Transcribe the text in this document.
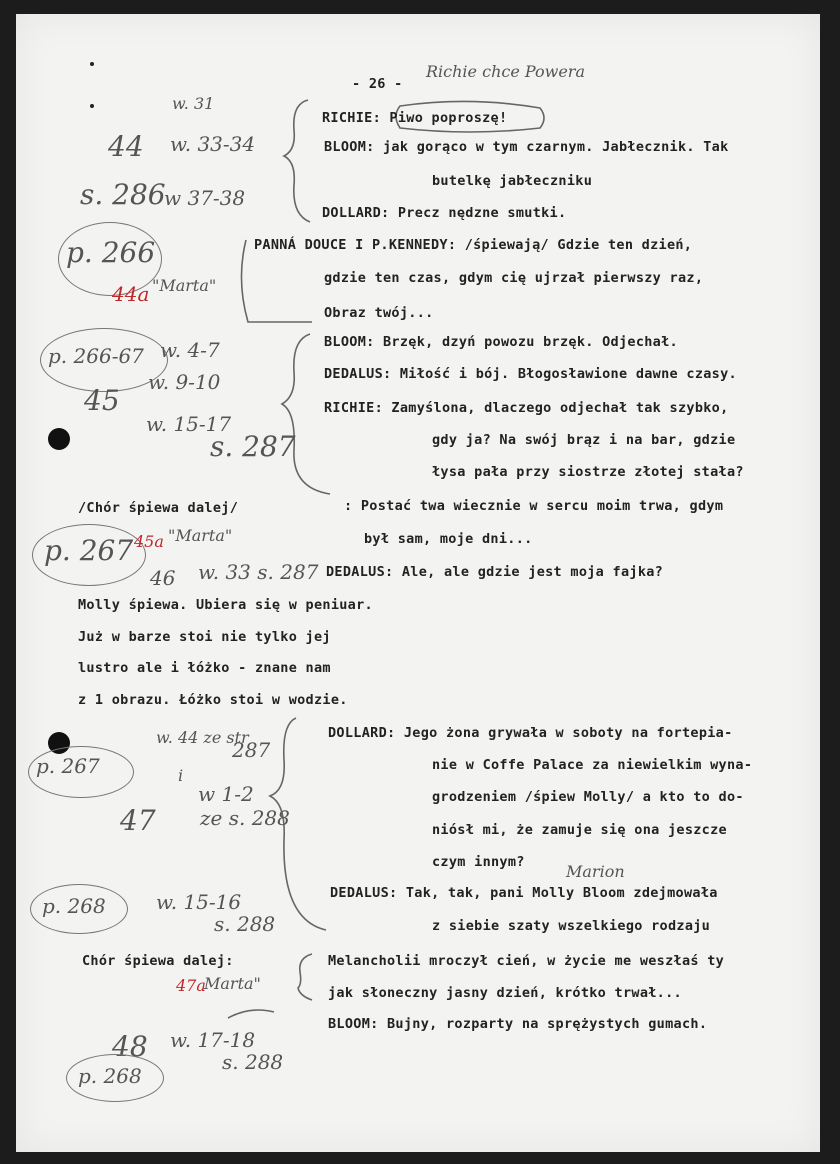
- 26 -
Richie chce Powera
RICHIE: Piwo poproszę!
BLOOM: jak gorąco w tym czarnym. Jabłecznik. Tak
butelkę jabłeczniku
DOLLARD: Precz nędzne smutki.
PANNÁ DOUCE I P.KENNEDY: /śpiewają/ Gdzie ten dzień,
gdzie ten czas, gdym cię ujrzał pierwszy raz,
Obraz twój...
BLOOM: Brzęk, dzyń powozu brzęk. Odjechał.
DEDALUS: Miłość i bój. Błogosławione dawne czasy.
RICHIE: Zamyślona, dlaczego odjechał tak szybko,
gdy ja? Na swój brąz i na bar, gdzie
łysa pała przy siostrze złotej stała?
/Chór śpiewa dalej/	: Postać twa wiecznie w sercu moim trwa, gdym
był sam, moje dni...
DEDALUS: Ale, ale gdzie jest moja fajka?
Molly śpiewa. Ubiera się w peniuar.
Już w barze stoi nie tylko jej
lustro ale i łóżko - znane nam
z 1 obrazu. Łóżko stoi w wodzie.
DOLLARD: Jego żona grywała w soboty na fortepia-
nie w Coffe Palace za niewielkim wyna-
grodzeniem /śpiew Molly/ a kto to do-
niósł mi, że zamuje się ona jeszcze
czym innym?
DEDALUS: Tak, tak, pani Molly Bloom zdejmowała
z siebie szaty wszelkiego rodzaju
Chór śpiewa dalej:	Melancholii mroczył cień, w życie me weszłaś ty
jak słoneczny jasny dzień, krótko trwał...
BLOOM: Bujny, rozparty na sprężystych gumach.
w. 31
44 w. 33-34
s. 286
w 37-38
p. 266
44a "Marta"
p. 266-67 w. 4-7
45
w. 9-10
w. 15-17
s. 287
p. 267 45a "Marta"
46 w. 33 s. 287
w. 44 ze str
287
p. 267	i
w 1-2
47 ze s. 288
Marion
p. 268	w. 15-16
s. 288
47a
Marta"
48 w. 17-18
s. 288
p. 268
